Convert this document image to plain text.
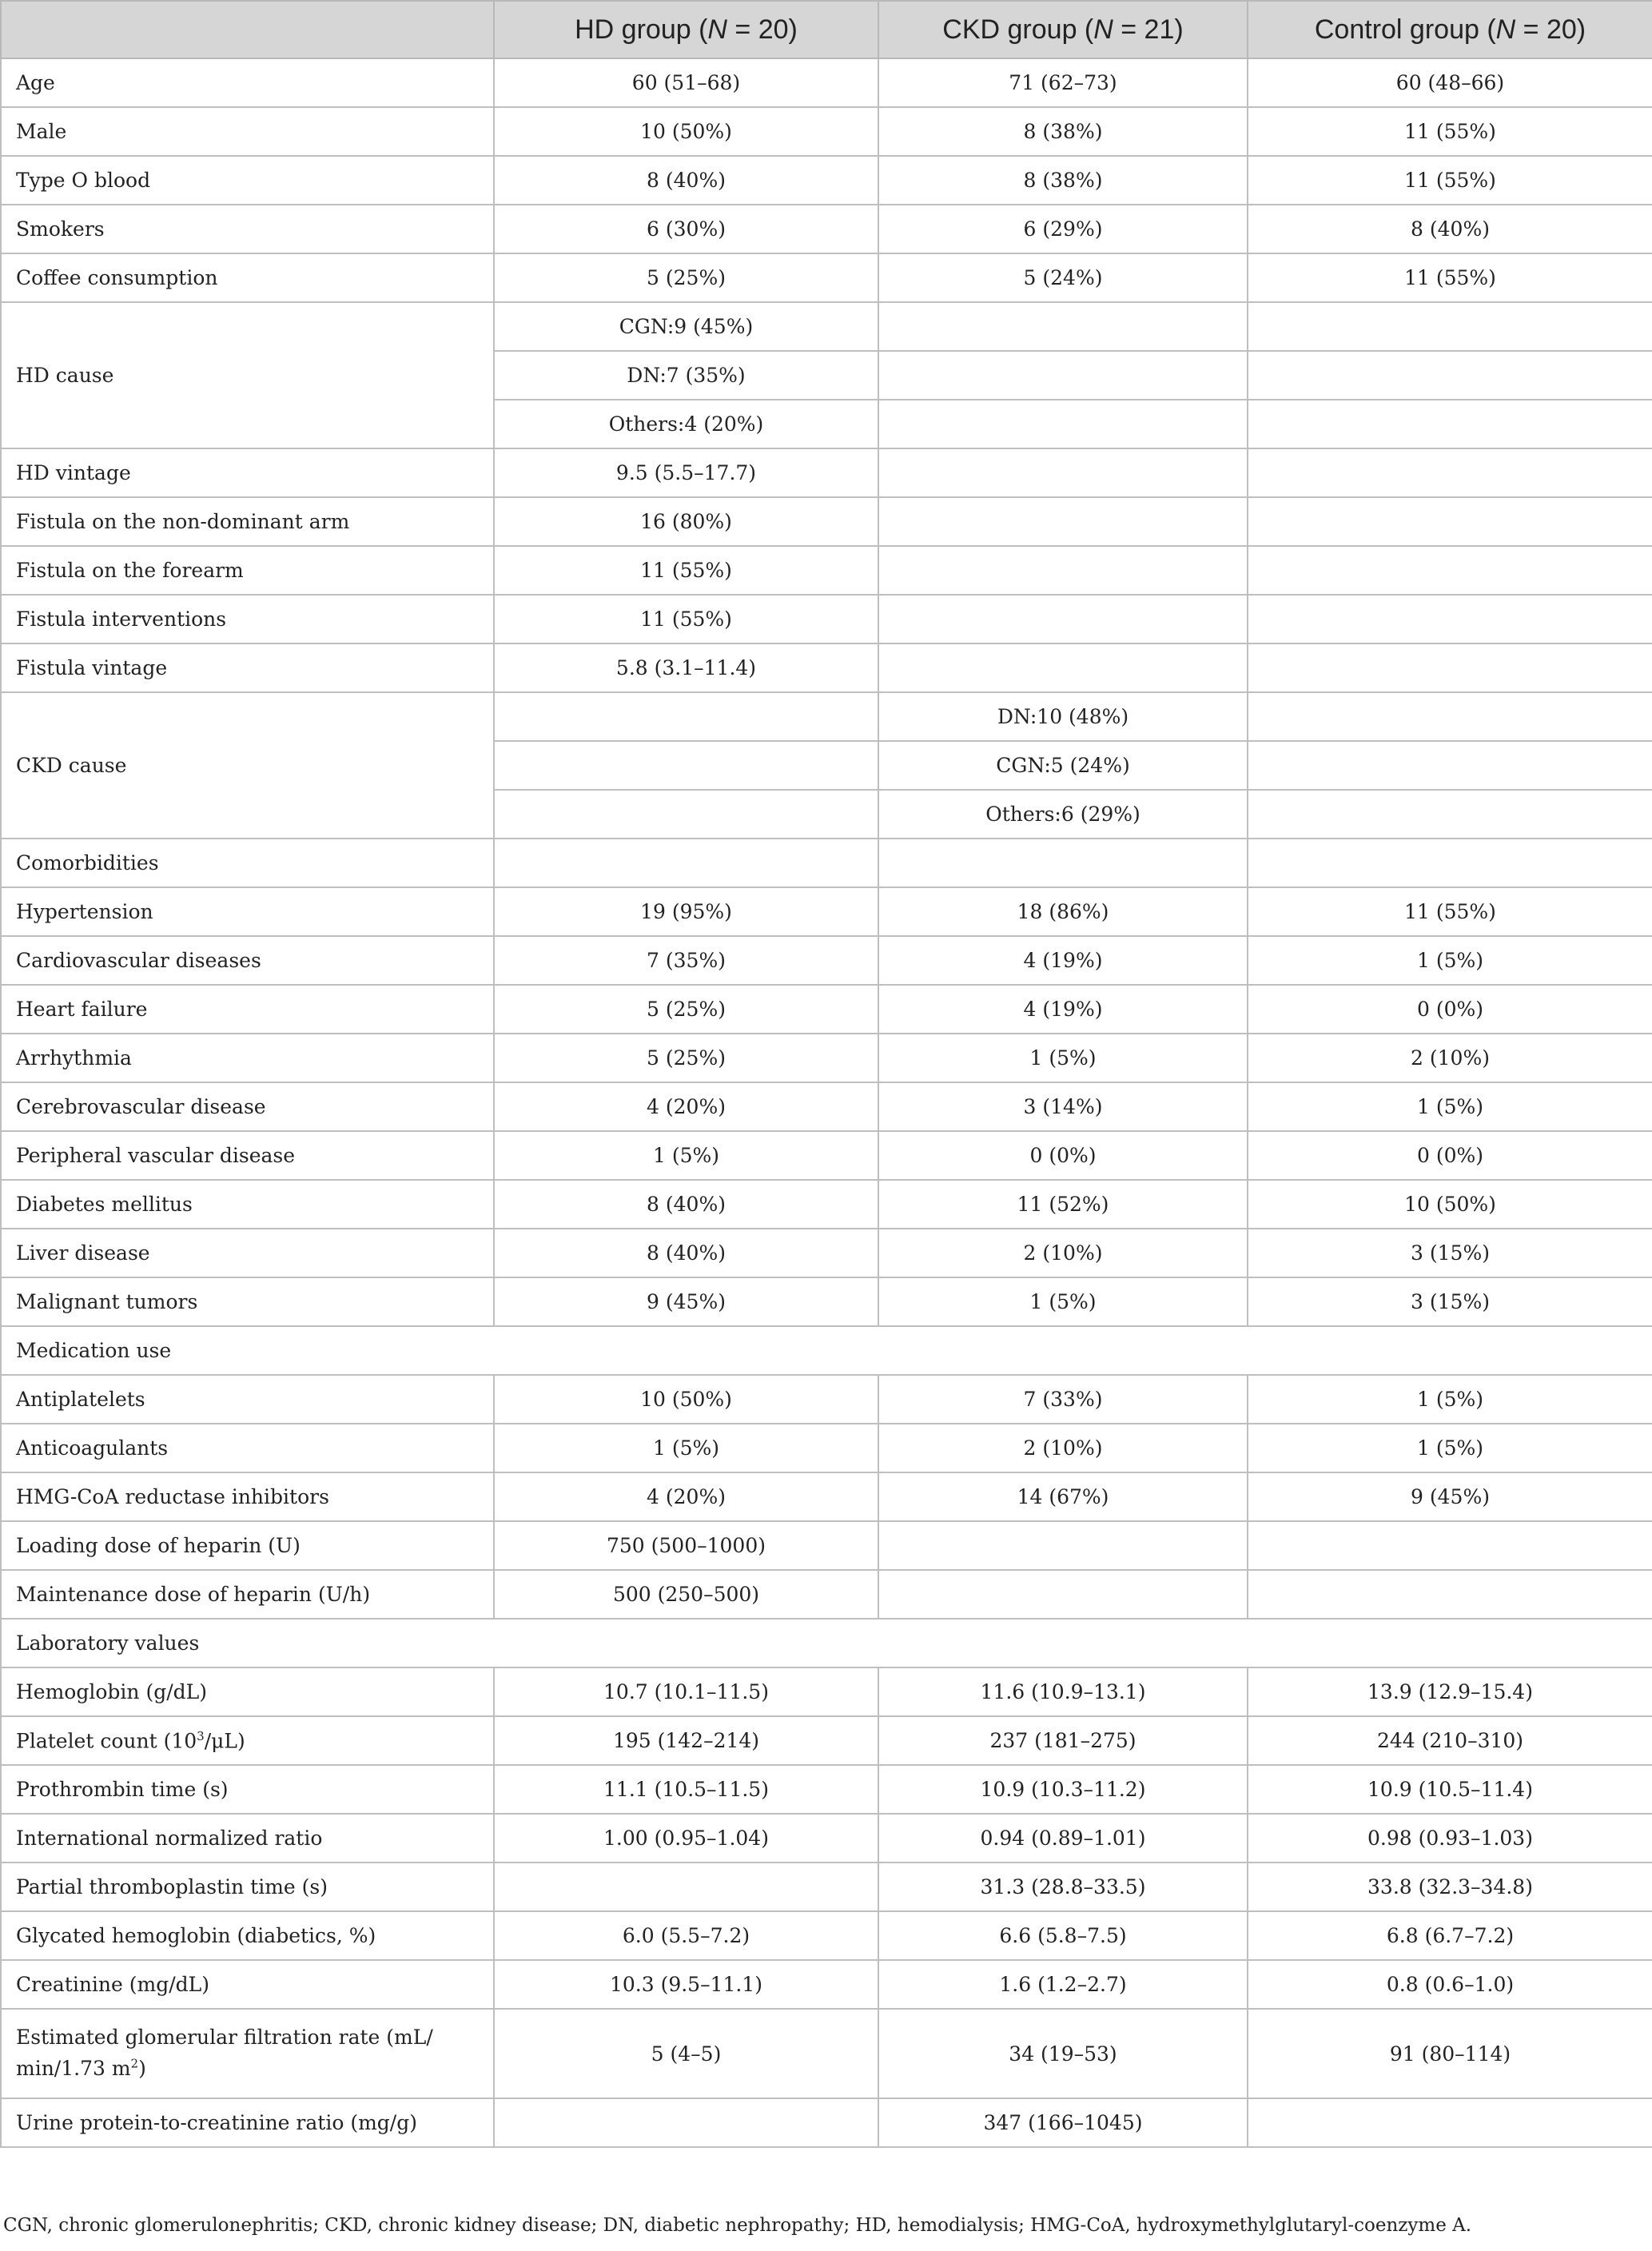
	HD group (N = 20)	CKD group (N = 21)	Control group (N = 20)
Age	60 (51–68)	71 (62–73)	60 (48–66)
Male	10 (50%)	8 (38%)	11 (55%)
Type O blood	8 (40%)	8 (38%)	11 (55%)
Smokers	6 (30%)	6 (29%)	8 (40%)
Coffee consumption	5 (25%)	5 (24%)	11 (55%)
HD cause	CGN:9 (45%)		
	DN:7 (35%)		
	Others:4 (20%)		
HD vintage	9.5 (5.5–17.7)		
Fistula on the non-dominant arm	16 (80%)		
Fistula on the forearm	11 (55%)		
Fistula interventions	11 (55%)		
Fistula vintage	5.8 (3.1–11.4)		
CKD cause		DN:10 (48%)	
		CGN:5 (24%)	
		Others:6 (29%)	
Comorbidities			
Hypertension	19 (95%)	18 (86%)	11 (55%)
Cardiovascular diseases	7 (35%)	4 (19%)	1 (5%)
Heart failure	5 (25%)	4 (19%)	0 (0%)
Arrhythmia	5 (25%)	1 (5%)	2 (10%)
Cerebrovascular disease	4 (20%)	3 (14%)	1 (5%)
Peripheral vascular disease	1 (5%)	0 (0%)	0 (0%)
Diabetes mellitus	8 (40%)	11 (52%)	10 (50%)
Liver disease	8 (40%)	2 (10%)	3 (15%)
Malignant tumors	9 (45%)	1 (5%)	3 (15%)
Medication use			
Antiplatelets	10 (50%)	7 (33%)	1 (5%)
Anticoagulants	1 (5%)	2 (10%)	1 (5%)
HMG-CoA reductase inhibitors	4 (20%)	14 (67%)	9 (45%)
Loading dose of heparin (U)	750 (500–1000)		
Maintenance dose of heparin (U/h)	500 (250–500)		
Laboratory values			
Hemoglobin (g/dL)	10.7 (10.1–11.5)	11.6 (10.9–13.1)	13.9 (12.9–15.4)
Platelet count $(10^3/\mu L)$	195 (142–214)	237 (181–275)	244 (210–310)
Prothrombin time (s)	11.1 (10.5–11.5)	10.9 (10.3–11.2)	10.9 (10.5–11.4)
International normalized ratio	1.00 (0.95–1.04)	0.94 (0.89–1.01)	0.98 (0.93–1.03)
Partial thromboplastin time (s)		31.3 (28.8–33.5)	33.8 (32.3–34.8)
Glycated hemoglobin (diabetics, %)	6.0 (5.5–7.2)	6.6 (5.8–7.5)	6.8 (6.7–7.2)
Creatinine (mg/dL)	10.3 (9.5–11.1)	1.6 (1.2–2.7)	0.8 (0.6–1.0)
Estimated glomerular filtration rate (mL/
min/1.73 $m^2$)	5 (4–5)	34 (19–53)	91 (80–114)
Urine protein-to-creatinine ratio (mg/g)		347 (166–1045)	
CGN, chronic glomerulonephritis; CKD, chronic kidney disease; DN, diabetic nephropathy; HD, hemodialysis; HMG-CoA, hydroxymethylglutaryl-coenzyme A.
